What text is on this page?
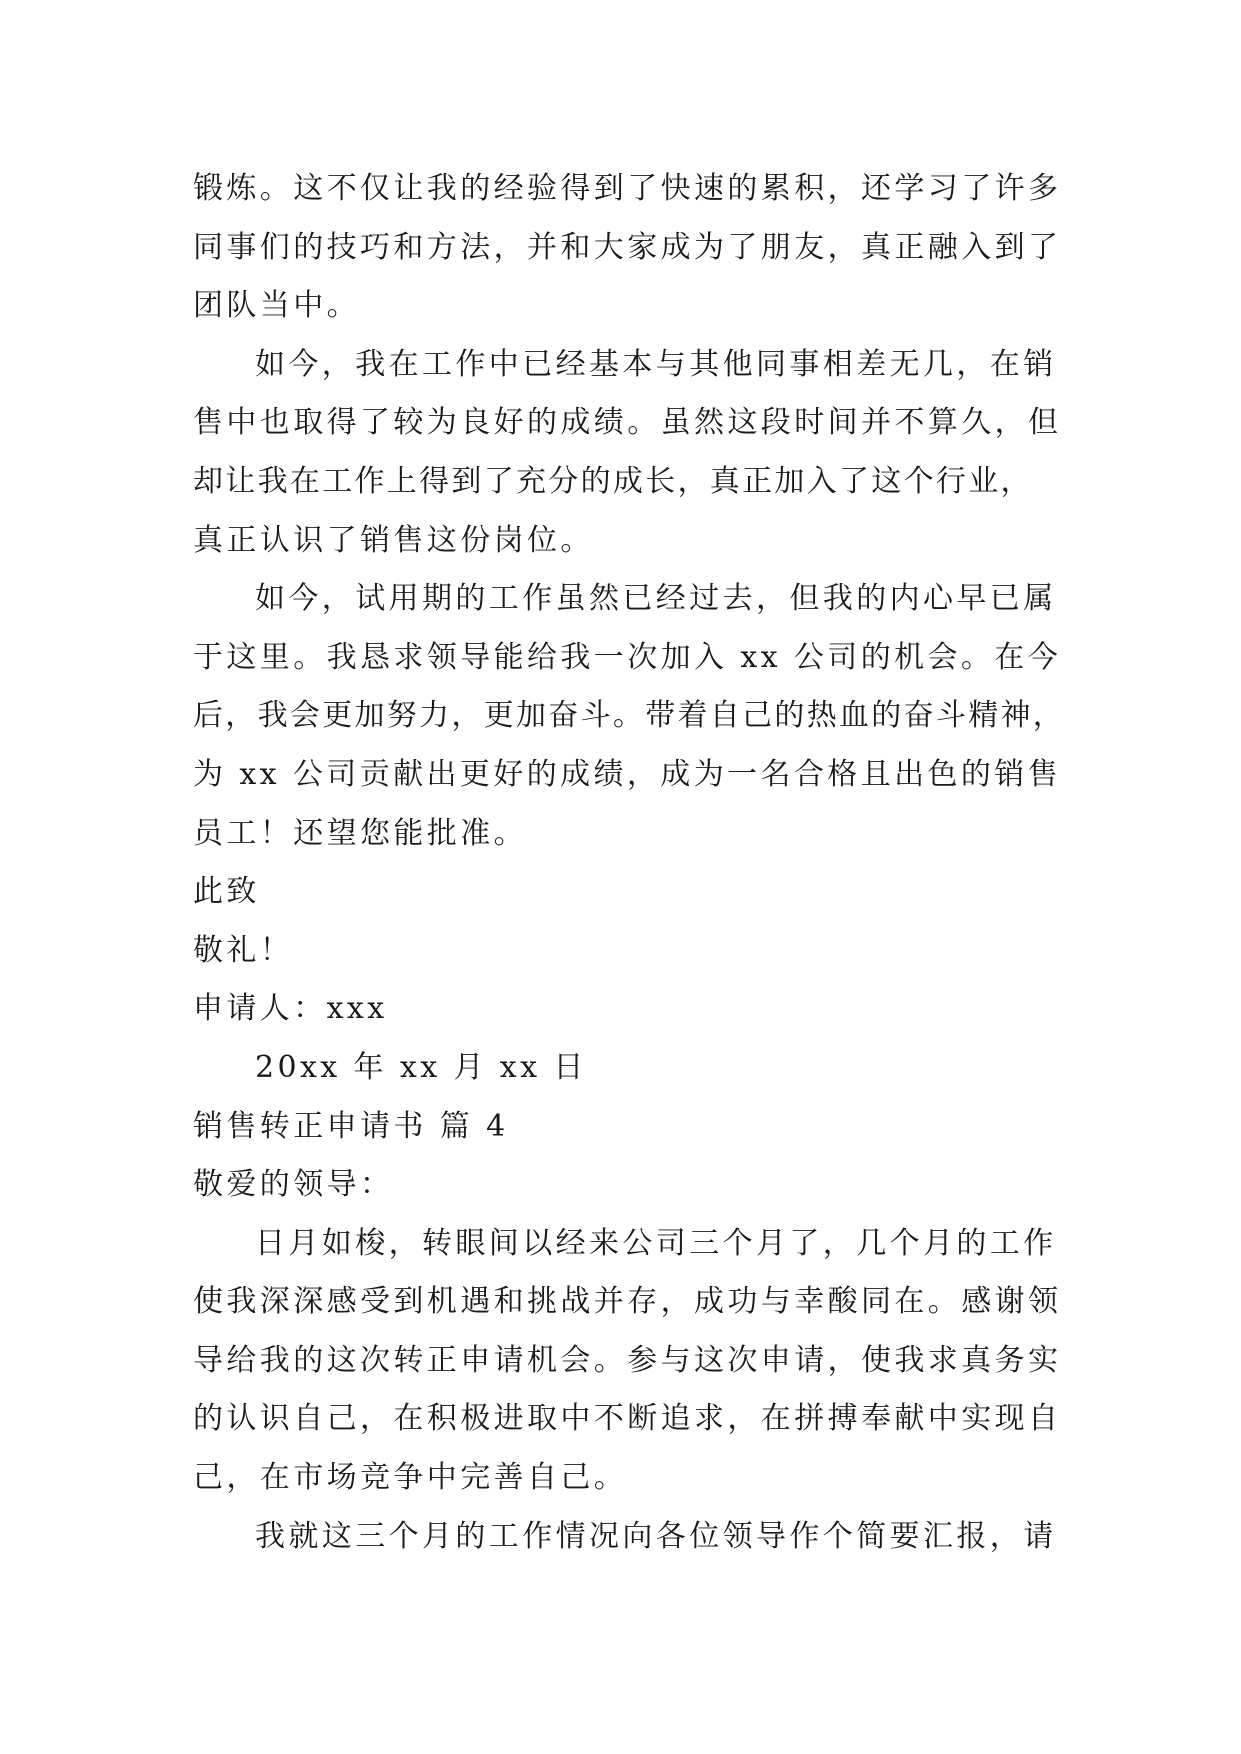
锻炼。这不仅让我的经验得到了快速的累积，还学习了许多
同事们的技巧和方法，并和大家成为了朋友，真正融入到了
团队当中。
如今，我在工作中已经基本与其他同事相差无几，在销
售中也取得了较为良好的成绩。虽然这段时间并不算久，但
却让我在工作上得到了充分的成长，真正加入了这个行业，
真正认识了销售这份岗位。
如今，试用期的工作虽然已经过去，但我的内心早已属
于这里。我恳求领导能给我一次加入 xx 公司的机会。在今
后，我会更加努力，更加奋斗。带着自己的热血的奋斗精神，
为 xx 公司贡献出更好的成绩，成为一名合格且出色的销售
员工！还望您能批准。
此致
敬礼！
申请人：xxx
20xx 年 xx 月 xx 日
销售转正申请书 篇 4
敬爱的领导：
日月如梭，转眼间以经来公司三个月了，几个月的工作
使我深深感受到机遇和挑战并存，成功与幸酸同在。感谢领
导给我的这次转正申请机会。参与这次申请，使我求真务实
的认识自己，在积极进取中不断追求，在拼搏奉献中实现自
己，在市场竞争中完善自己。
我就这三个月的工作情况向各位领导作个简要汇报，请
